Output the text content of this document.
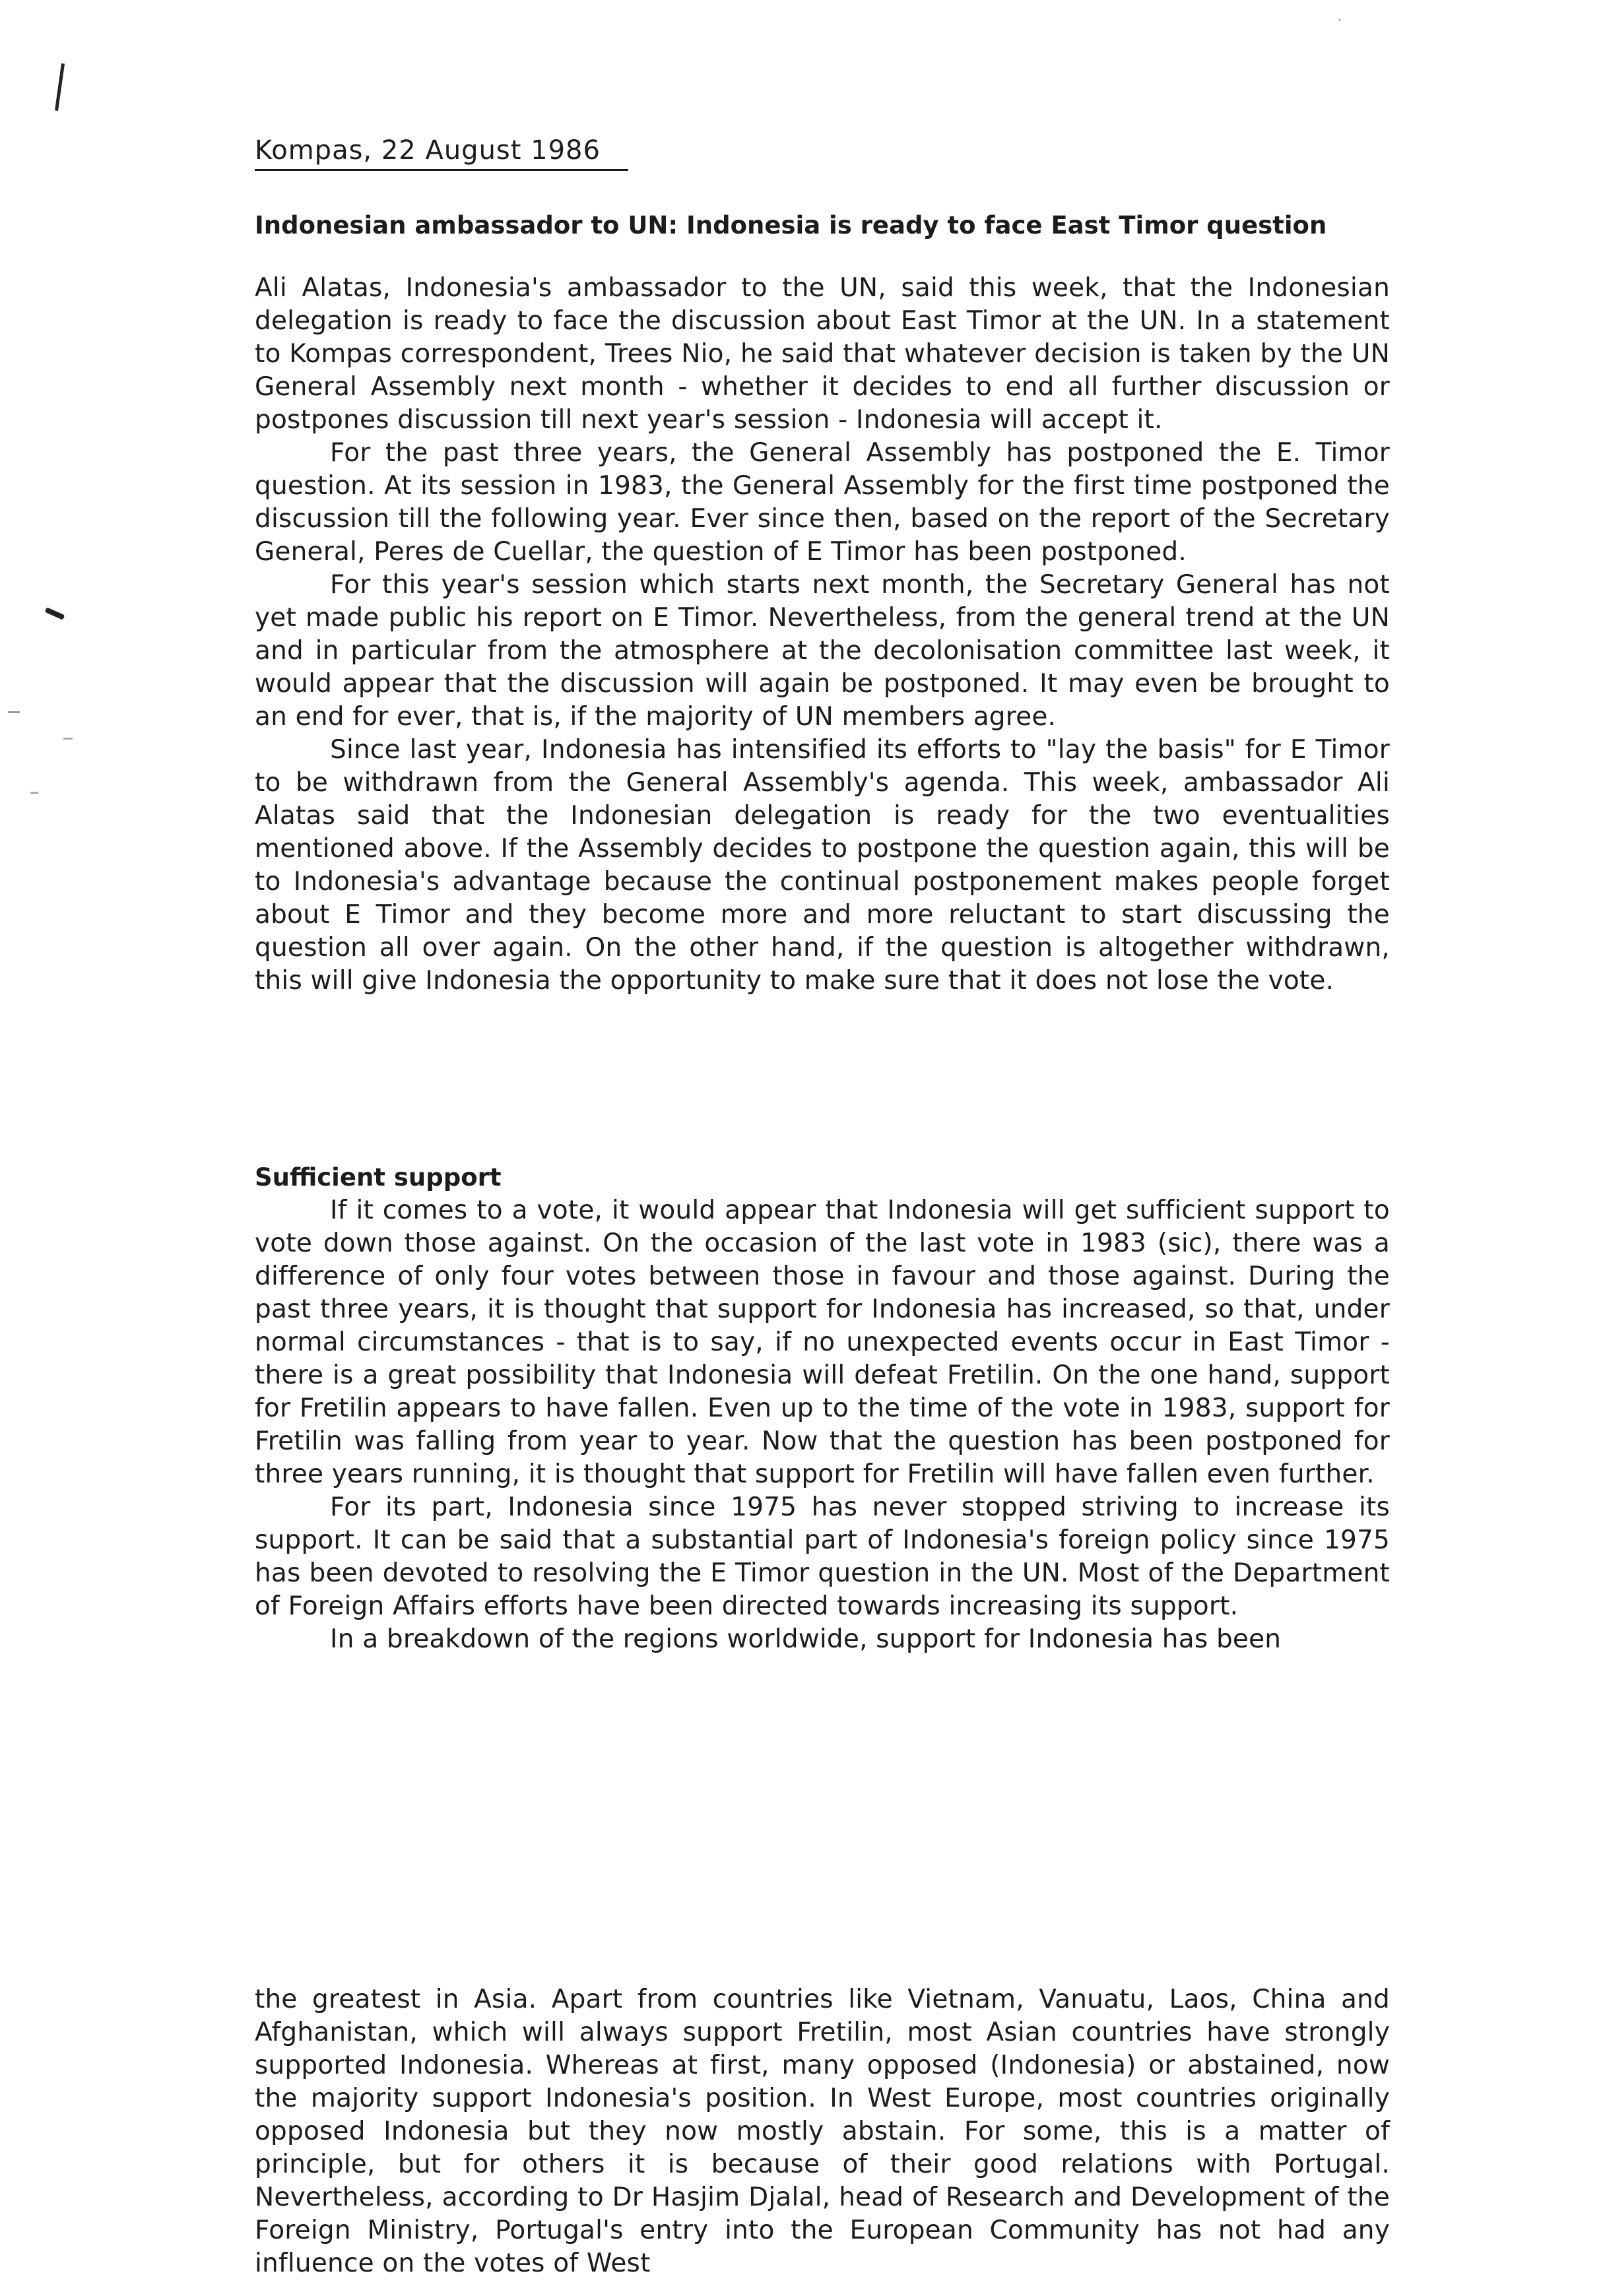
Kompas, 22 August 1986
Indonesian ambassador to UN: Indonesia is ready to face East Timor question

Ali Alatas, Indonesia's ambassador to the UN, said this week, that the Indonesian delegation is ready to face the discussion about East Timor at the UN. In a statement to Kompas correspondent, Trees Nio, he said that whatever decision is taken by the UN General Assembly next month - whether it decides to end all further discussion or postpones discussion till next year's session - Indonesia will accept it.

For the past three years, the General Assembly has postponed the E. Timor question. At its session in 1983, the General Assembly for the first time postponed the discussion till the following year. Ever since then, based on the report of the Secretary General, Peres de Cuellar, the question of E Timor has been postponed.

For this year's session which starts next month, the Secretary General has not yet made public his report on E Timor. Nevertheless, from the general trend at the UN and in particular from the atmosphere at the decolonisation committee last week, it would appear that the discussion will again be postponed. It may even be brought to an end for ever, that is, if the majority of UN members agree.

Since last year, Indonesia has intensified its efforts to "lay the basis" for E Timor to be withdrawn from the General Assembly's agenda. This week, ambassador Ali Alatas said that the Indonesian delegation is ready for the two eventualities mentioned above. If the Assembly decides to postpone the question again, this will be to Indonesia's advantage because the continual postponement makes people forget about E Timor and they become more and more reluctant to start discussing the question all over again. On the other hand, if the question is altogether withdrawn, this will give Indonesia the opportunity to make sure that it does not lose the vote.

Sufficient support

If it comes to a vote, it would appear that Indonesia will get sufficient support to vote down those against. On the occasion of the last vote in 1983 (sic), there was a difference of only four votes between those in favour and those against. During the past three years, it is thought that support for Indonesia has increased, so that, under normal circumstances - that is to say, if no unexpected events occur in East Timor - there is a great possibility that Indonesia will defeat Fretilin. On the one hand, support for Fretilin appears to have fallen. Even up to the time of the vote in 1983, support for Fretilin was falling from year to year. Now that the question has been postponed for three years running, it is thought that support for Fretilin will have fallen even further.

For its part, Indonesia since 1975 has never stopped striving to increase its support. It can be said that a substantial part of Indonesia's foreign policy since 1975 has been devoted to resolving the E Timor question in the UN. Most of the Department of Foreign Affairs efforts have been directed towards increasing its support.

In a breakdown of the regions worldwide, support for Indonesia has been

the greatest in Asia. Apart from countries like Vietnam, Vanuatu, Laos, China and Afghanistan, which will always support Fretilin, most Asian countries have strongly supported Indonesia. Whereas at first, many opposed (Indonesia) or abstained, now the majority support Indonesia's position. In West Europe, most countries originally opposed Indonesia but they now mostly abstain. For some, this is a matter of principle, but for others it is because of their good relations with Portugal. Nevertheless, according to Dr Hasjim Djalal, head of Research and Development of the Foreign Ministry, Portugal's entry into the European Community has not had any influence on the votes of West
